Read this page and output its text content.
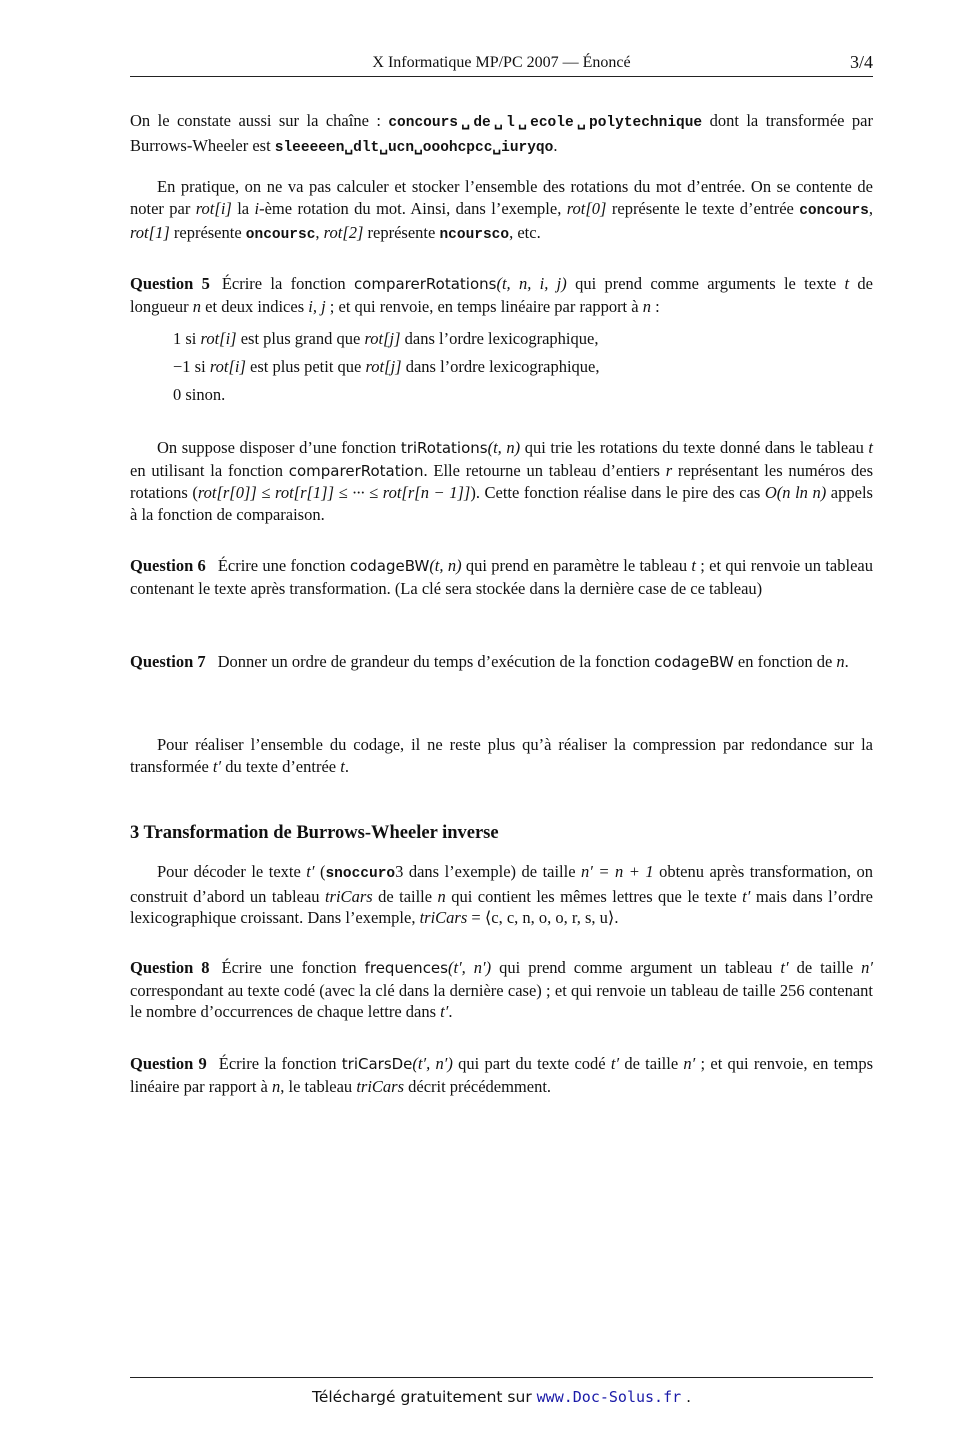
X Informatique MP/PC 2007 — Énoncé	3/4
On le constate aussi sur la chaîne : concours␣de␣l␣ecole␣polytechnique dont la transformée par Burrows-Wheeler est sleeeeen␣dlt␣ucn␣ooohcpcc␣iuryqo.
En pratique, on ne va pas calculer et stocker l’ensemble des rotations du mot d’entrée. On se contente de noter par rot[i] la i-ème rotation du mot. Ainsi, dans l’exemple, rot[0] représente le texte d’entrée concours, rot[1] représente oncoursc, rot[2] représente ncoursco, etc.
Question 5 Écrire la fonction comparerRotations(t, n, i, j) qui prend comme arguments le texte t de longueur n et deux indices i, j ; et qui renvoie, en temps linéaire par rapport à n :
1 si rot[i] est plus grand que rot[j] dans l’ordre lexicographique,
−1 si rot[i] est plus petit que rot[j] dans l’ordre lexicographique,
0 sinon.
On suppose disposer d’une fonction triRotations(t, n) qui trie les rotations du texte donné dans le tableau t en utilisant la fonction comparerRotation. Elle retourne un tableau d’entiers r représentant les numéros des rotations (rot[r[0]] ≤ rot[r[1]] ≤ ··· ≤ rot[r[n − 1]]). Cette fonction réalise dans le pire des cas O(n ln n) appels à la fonction de comparaison.
Question 6 Écrire une fonction codageBW(t, n) qui prend en paramètre le tableau t ; et qui renvoie un tableau contenant le texte après transformation. (La clé sera stockée dans la dernière case de ce tableau)
Question 7 Donner un ordre de grandeur du temps d’exécution de la fonction codageBW en fonction de n.
Pour réaliser l’ensemble du codage, il ne reste plus qu’à réaliser la compression par redondance sur la transformée t′ du texte d’entrée t.
3 Transformation de Burrows-Wheeler inverse
Pour décoder le texte t′ (snoccuro3 dans l’exemple) de taille n′ = n + 1 obtenu après transformation, on construit d’abord un tableau triCars de taille n qui contient les mêmes lettres que le texte t′ mais dans l’ordre lexicographique croissant. Dans l’exemple, triCars = ⟨c, c, n, o, o, r, s, u⟩.
Question 8 Écrire une fonction frequences(t′, n′) qui prend comme argument un tableau t′ de taille n′ correspondant au texte codé (avec la clé dans la dernière case) ; et qui renvoie un tableau de taille 256 contenant le nombre d’occurrences de chaque lettre dans t′.
Question 9 Écrire la fonction triCarsDe(t′, n′) qui part du texte codé t′ de taille n′ ; et qui renvoie, en temps linéaire par rapport à n, le tableau triCars décrit précédemment.
Téléchargé gratuitement sur www.Doc-Solus.fr .
